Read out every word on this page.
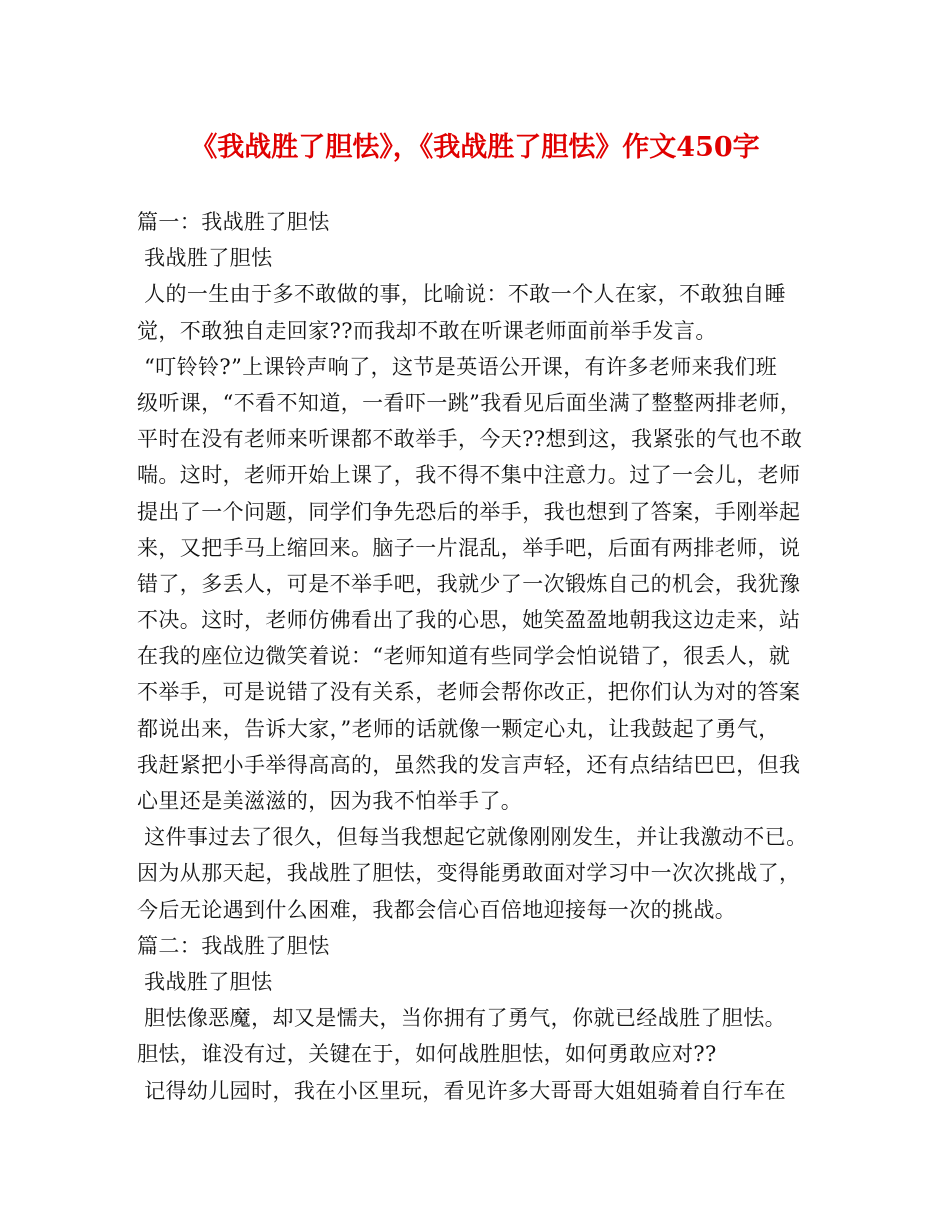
《我战胜了胆怯》，《我战胜了胆怯》作文450字
篇一：我战胜了胆怯
我战胜了胆怯
人的一生由于多不敢做的事，比喻说：不敢一个人在家，不敢独自睡
觉，不敢独自走回家??而我却不敢在听课老师面前举手发言。
“叮铃铃?”上课铃声响了，这节是英语公开课，有许多老师来我们班
级听课，“不看不知道，一看吓一跳”我看见后面坐满了整整两排老师，
平时在没有老师来听课都不敢举手，今天??想到这，我紧张的气也不敢
喘。这时，老师开始上课了，我不得不集中注意力。过了一会儿，老师
提出了一个问题，同学们争先恐后的举手，我也想到了答案，手刚举起
来，又把手马上缩回来。脑子一片混乱，举手吧，后面有两排老师，说
错了，多丢人，可是不举手吧，我就少了一次锻炼自己的机会，我犹豫
不决。这时，老师仿佛看出了我的心思，她笑盈盈地朝我这边走来，站
在我的座位边微笑着说：“老师知道有些同学会怕说错了，很丢人，就
不举手，可是说错了没有关系，老师会帮你改正，把你们认为对的答案
都说出来，告诉大家，”老师的话就像一颗定心丸，让我鼓起了勇气，
我赶紧把小手举得高高的，虽然我的发言声轻，还有点结结巴巴，但我
心里还是美滋滋的，因为我不怕举手了。
这件事过去了很久，但每当我想起它就像刚刚发生，并让我激动不已。
因为从那天起，我战胜了胆怯，变得能勇敢面对学习中一次次挑战了，
今后无论遇到什么困难，我都会信心百倍地迎接每一次的挑战。
篇二：我战胜了胆怯
我战胜了胆怯
胆怯像恶魔，却又是懦夫，当你拥有了勇气，你就已经战胜了胆怯。
胆怯，谁没有过，关键在于，如何战胜胆怯，如何勇敢应对??
记得幼儿园时，我在小区里玩，看见许多大哥哥大姐姐骑着自行车在
